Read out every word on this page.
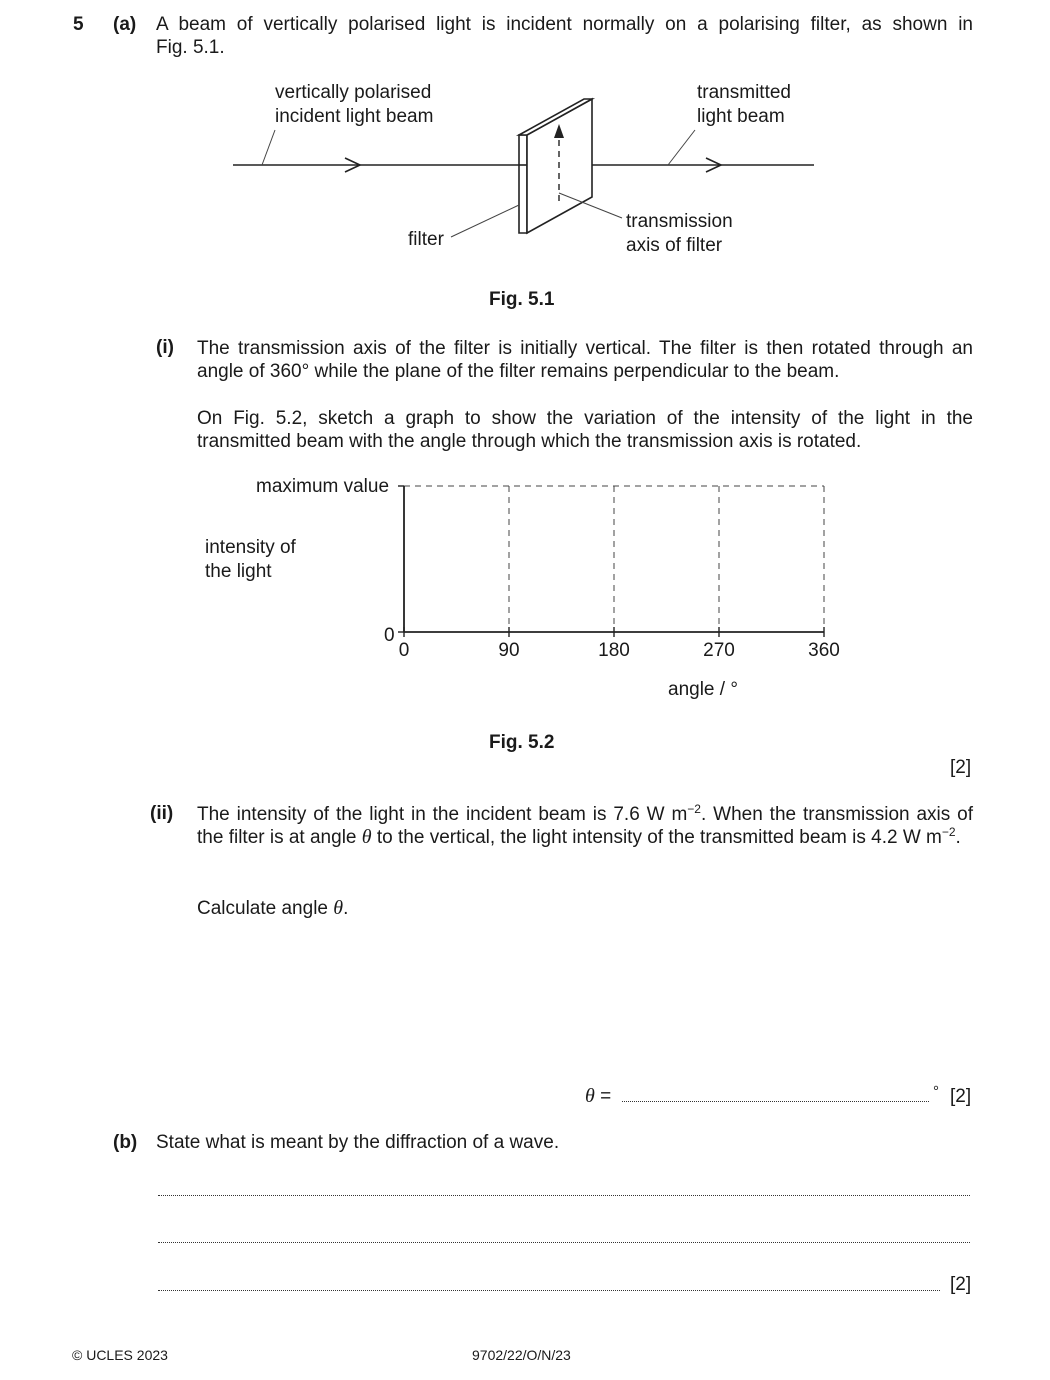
5 (a) A beam of vertically polarised light is incident normally on a polarising filter, as shown in
Fig. 5.1.
vertically polarised
incident light beam
transmitted
light beam
filter
transmission
axis of filter
Fig. 5.1
(i) The transmission axis of the filter is initially vertical. The filter is then rotated through an angle of 360° while the plane of the filter remains perpendicular to the beam.
On Fig. 5.2, sketch a graph to show the variation of the intensity of the light in the transmitted beam with the angle through which the transmission axis is rotated.
0	90	180	270	360
maximum value
0
intensity of
the light
angle / °
Fig. 5.2
[2]
(ii) The intensity of the light in the incident beam is 7.6 W $m^{-2}$. When the transmission axis of the filter is at angle θ to the vertical, the light intensity of the transmitted beam is 4.2 W $m^{-2}$.
Calculate angle θ.
θ =	° [2]
(b) State what is meant by the diffraction of a wave.
[2]
© UCLES 2023	9702/22/O/N/23
